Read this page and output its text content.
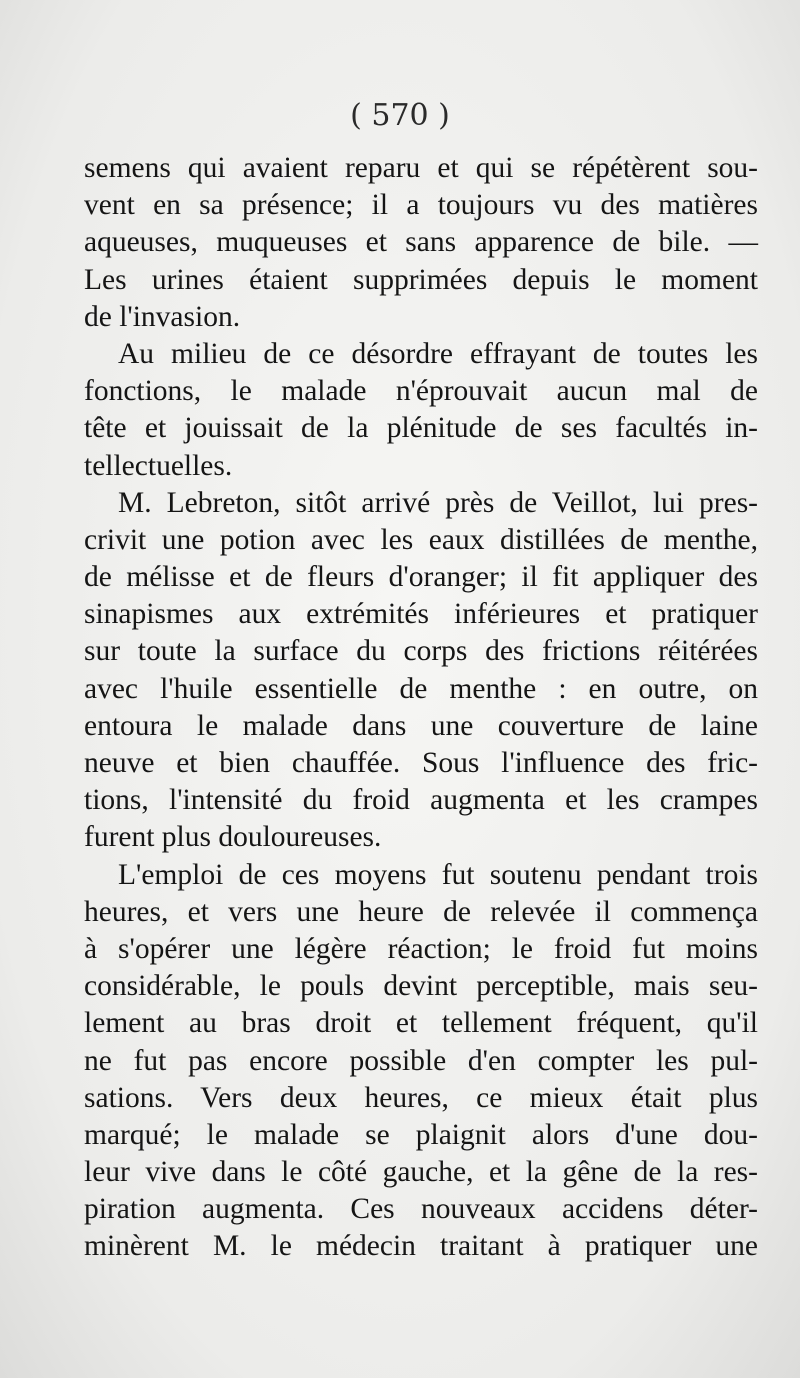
( 570 )
semens qui avaient reparu et qui se répétèrent sou-
vent en sa présence; il a toujours vu des matières
aqueuses, muqueuses et sans apparence de bile. —
Les urines étaient supprimées depuis le moment
de l'invasion.
Au milieu de ce désordre effrayant de toutes les
fonctions, le malade n'éprouvait aucun mal de
tête et jouissait de la plénitude de ses facultés in-
tellectuelles.
M. Lebreton, sitôt arrivé près de Veillot, lui pres-
crivit une potion avec les eaux distillées de menthe,
de mélisse et de fleurs d'oranger; il fit appliquer des
sinapismes aux extrémités inférieures et pratiquer
sur toute la surface du corps des frictions réitérées
avec l'huile essentielle de menthe : en outre, on
entoura le malade dans une couverture de laine
neuve et bien chauffée. Sous l'influence des fric-
tions, l'intensité du froid augmenta et les crampes
furent plus douloureuses.
L'emploi de ces moyens fut soutenu pendant trois
heures, et vers une heure de relevée il commença
à s'opérer une légère réaction; le froid fut moins
considérable, le pouls devint perceptible, mais seu-
lement au bras droit et tellement fréquent, qu'il
ne fut pas encore possible d'en compter les pul-
sations. Vers deux heures, ce mieux était plus
marqué; le malade se plaignit alors d'une dou-
leur vive dans le côté gauche, et la gêne de la res-
piration augmenta. Ces nouveaux accidens déter-
minèrent M. le médecin traitant à pratiquer une
